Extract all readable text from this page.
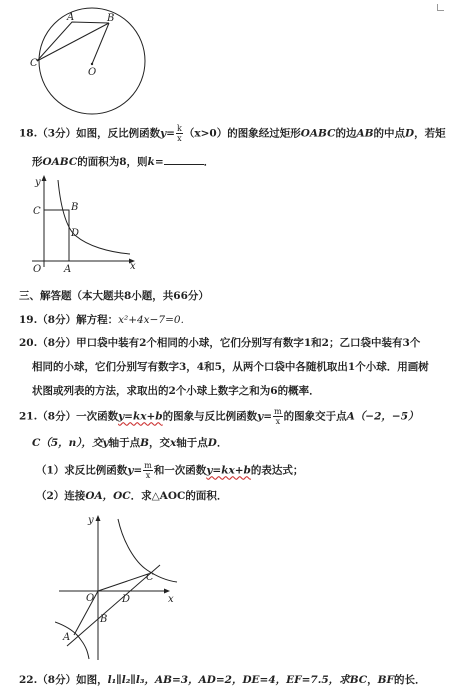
A	B
C
O
18.（3分）如图，反比例函数$y= \frac{k}{x} (x>0)$的图象经过矩形OABC的边AB的中点D，若矩
形OABC的面积为8，则k=	．
y
x
C	B
D
O A
三、解答题（本大题共8小题，共66分）
19.（8分）解方程：x²+4x−7=0.
20.（8分）甲口袋中装有2个相同的小球，它们分别写有数字1和2；乙口袋中装有3个
相同的小球，它们分别写有数字3，4和5，从两个口袋中各随机取出1个小球．用画树
状图或列表的方法，求取出的2个小球上数字之和为6的概率．
21.（8分）一次函数y=kx+b的图象与反比例函数$y= \frac{m}{x}$ 的图象交于点A（−2，−5）
C（5，n），交y轴于点B，交x轴于点D．
（1）求反比例函数$y= \frac{m}{x}$ 和一次函数y=kx+b的表达式；
（2）连接OA，OC．求△AOC的面积．
y
x
O	D
C
B
A
22.（8分）如图，l₁∥l₂∥l₃，AB=3，AD=2，DE=4，EF=7.5，求BC，BF的长．
